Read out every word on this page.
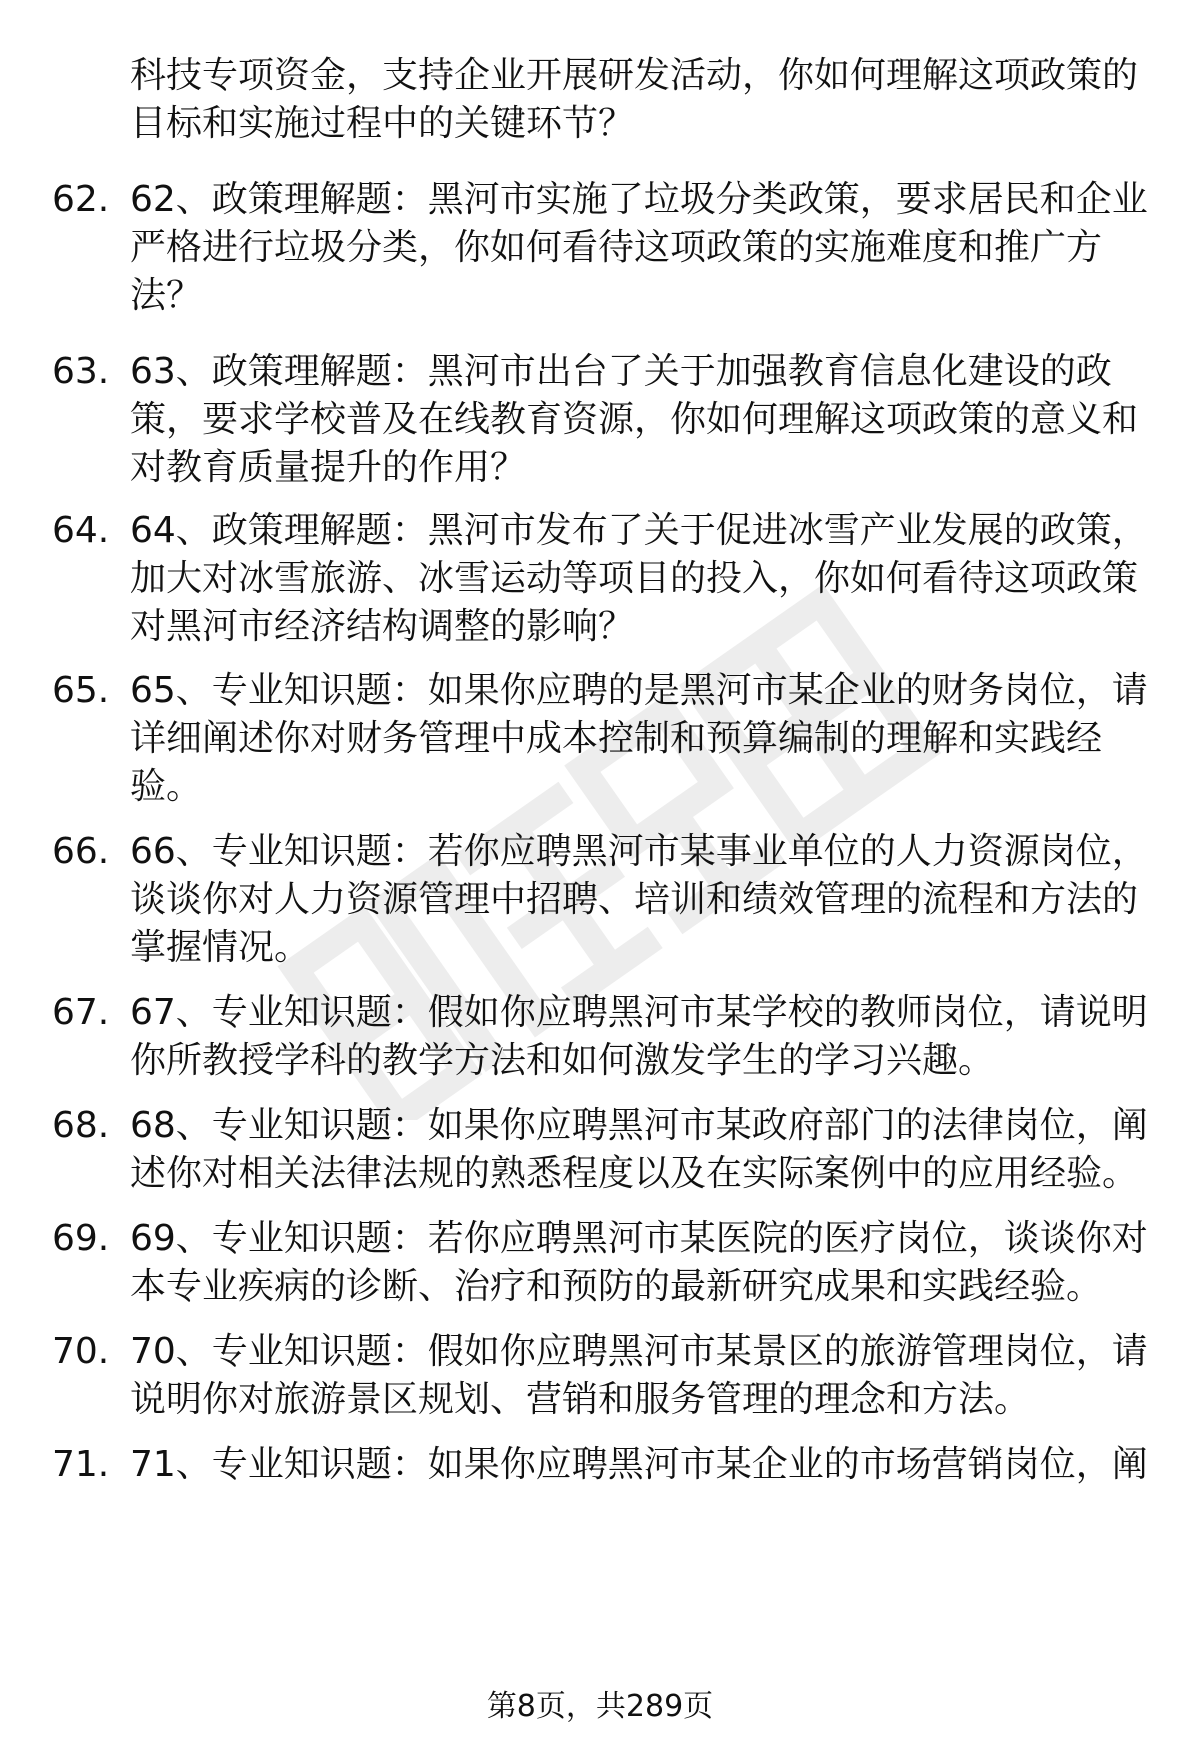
科技专项资金，支持企业开展研发活动，你如何理解这项政策的目标和实施过程中的关键环节？

62. 62、政策理解题：黑河市实施了垃圾分类政策，要求居民和企业严格进行垃圾分类，你如何看待这项政策的实施难度和推广方法？

63. 63、政策理解题：黑河市出台了关于加强教育信息化建设的政策，要求学校普及在线教育资源，你如何理解这项政策的意义和对教育质量提升的作用？

64. 64、政策理解题：黑河市发布了关于促进冰雪产业发展的政策，加大对冰雪旅游、冰雪运动等项目的投入，你如何看待这项政策对黑河市经济结构调整的影响？

65. 65、专业知识题：如果你应聘的是黑河市某企业的财务岗位，请详细阐述你对财务管理中成本控制和预算编制的理解和实践经验。

66. 66、专业知识题：若你应聘黑河市某事业单位的人力资源岗位，谈谈你对人力资源管理中招聘、培训和绩效管理的流程和方法的掌握情况。

67. 67、专业知识题：假如你应聘黑河市某学校的教师岗位，请说明你所教授学科的教学方法和如何激发学生的学习兴趣。

68. 68、专业知识题：如果你应聘黑河市某政府部门的法律岗位，阐述你对相关法律法规的熟悉程度以及在实际案例中的应用经验。

69. 69、专业知识题：若你应聘黑河市某医院的医疗岗位，谈谈你对本专业疾病的诊断、治疗和预防的最新研究成果和实践经验。

70. 70、专业知识题：假如你应聘黑河市某景区的旅游管理岗位，请说明你对旅游景区规划、营销和服务管理的理念和方法。

71. 71、专业知识题：如果你应聘黑河市某企业的市场营销岗位，阐

第8页，共289页
